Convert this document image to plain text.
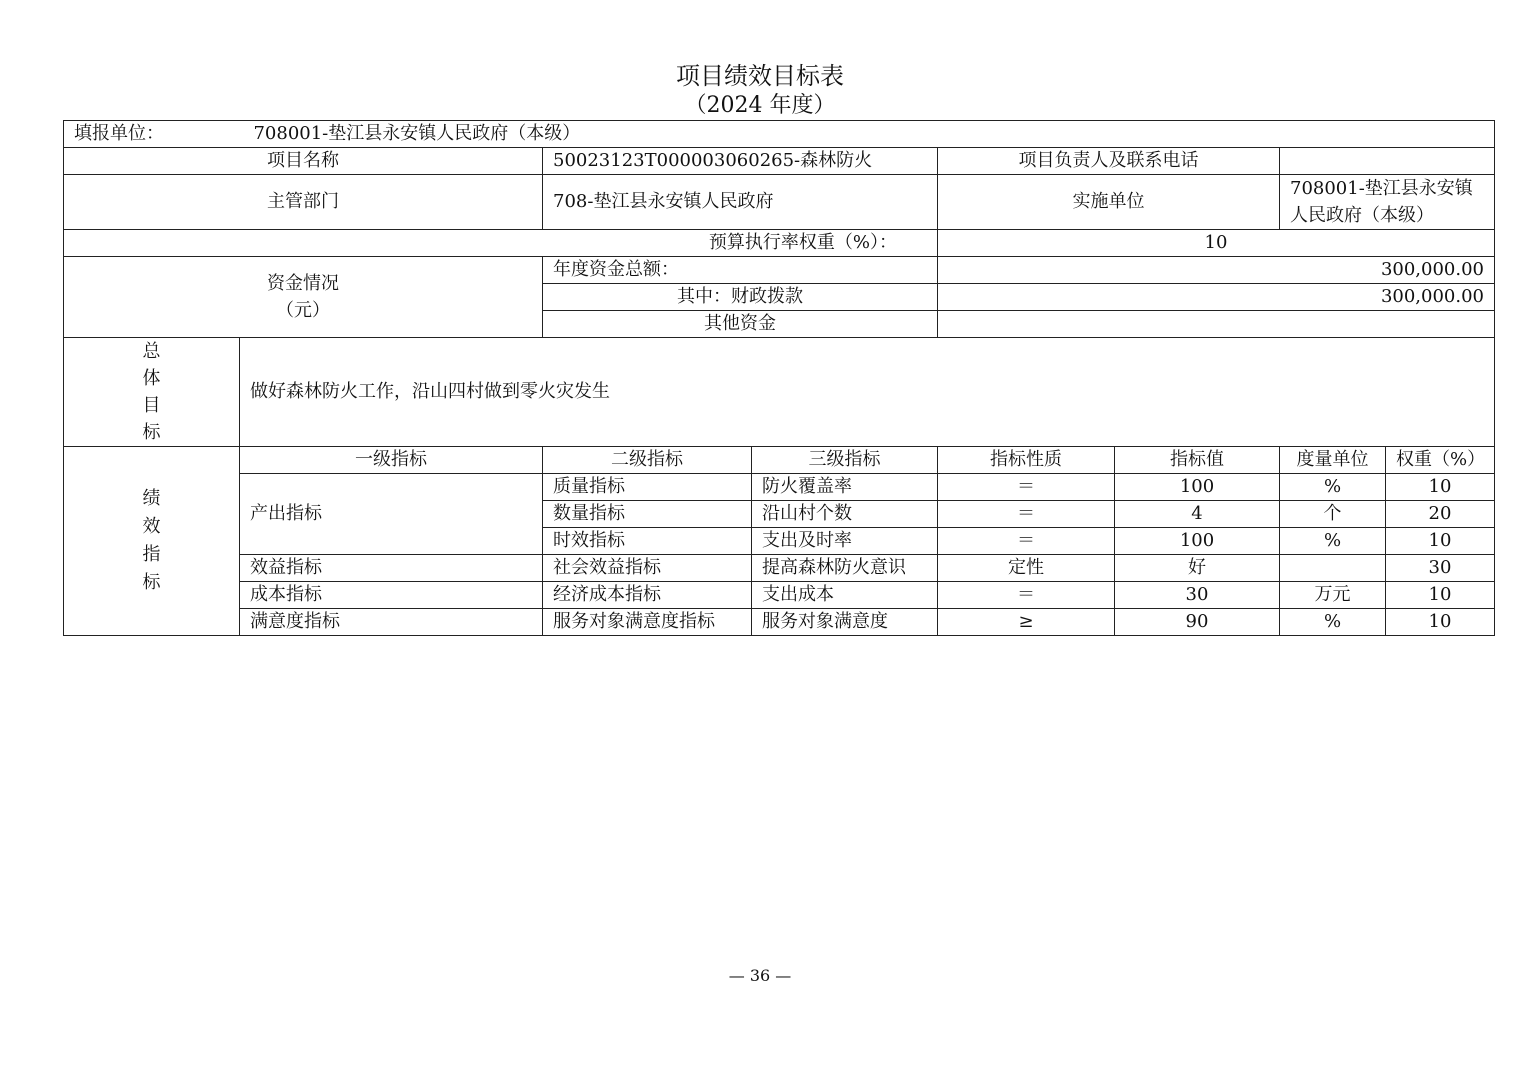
项目绩效目标表
（2024 年度）
填报单位： 708001-垫江县永安镇人民政府（本级）							
项目名称		50023123T000003060265-森林防火		项目负责人及联系电话			
主管部门		708-垫江县永安镇人民政府		实施单位		708001-垫江县永安镇
人民政府（本级）	

预算执行率权重（%）：				10			

资金情况
（元）		年度资金总额：		300,000.00			
		其中：财政拨款		300,000.00			
		其他资金					

总
体
目
标	做好森林防火工作，沿山四村做到零火灾发生						

绩
效
指
标	一级指标	二级指标	三级指标	指标性质	指标值	度量单位	权重（%）
	产出指标	质量指标	防火覆盖率	＝	100	%	10
		数量指标	沿山村个数	＝	4	个	20
		时效指标	支出及时率	＝	100	%	10
	效益指标	社会效益指标	提高森林防火意识	定性	好		30
	成本指标	经济成本指标	支出成本	＝	30	万元	10
	满意度指标	服务对象满意度指标	服务对象满意度	≥	90	%	10
— 36 —
